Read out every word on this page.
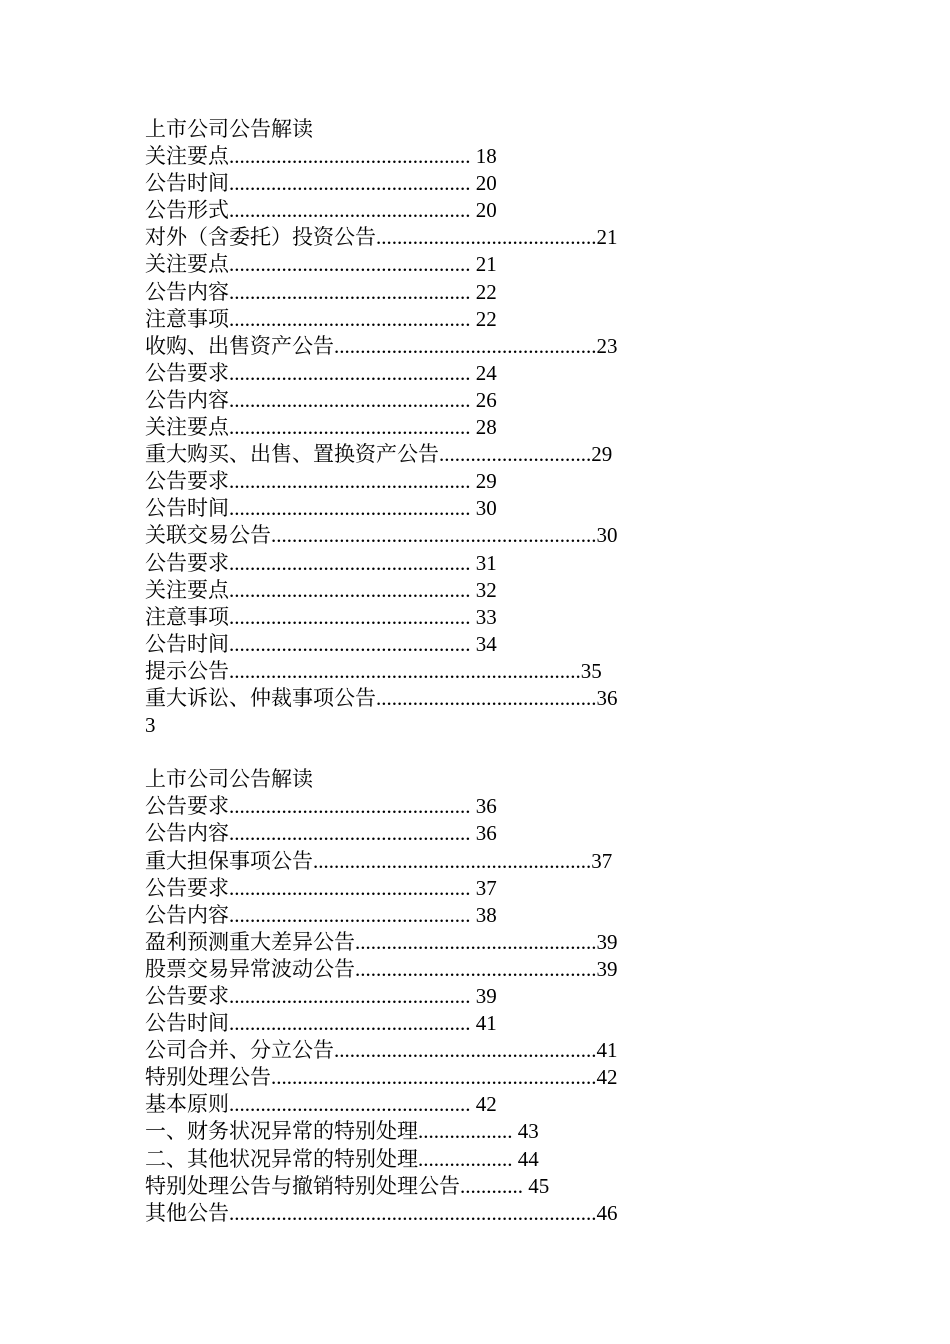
上市公司公告解读
关注要点.............................................. 18
公告时间.............................................. 20
公告形式.............................................. 20
对外（含委托）投资公告..........................................21
关注要点.............................................. 21
公告内容.............................................. 22
注意事项.............................................. 22
收购、出售资产公告..................................................23
公告要求.............................................. 24
公告内容.............................................. 26
关注要点.............................................. 28
重大购买、出售、置换资产公告.............................29
公告要求.............................................. 29
公告时间.............................................. 30
关联交易公告..............................................................30
公告要求.............................................. 31
关注要点.............................................. 32
注意事项.............................................. 33
公告时间.............................................. 34
提示公告...................................................................35
重大诉讼、仲裁事项公告..........................................36
3
上市公司公告解读
公告要求.............................................. 36
公告内容.............................................. 36
重大担保事项公告.....................................................37
公告要求.............................................. 37
公告内容.............................................. 38
盈利预测重大差异公告..............................................39
股票交易异常波动公告..............................................39
公告要求.............................................. 39
公告时间.............................................. 41
公司合并、分立公告..................................................41
特别处理公告..............................................................42
基本原则.............................................. 42
一、财务状况异常的特别处理.................. 43
二、其他状况异常的特别处理.................. 44
特别处理公告与撤销特别处理公告............ 45
其他公告......................................................................46
